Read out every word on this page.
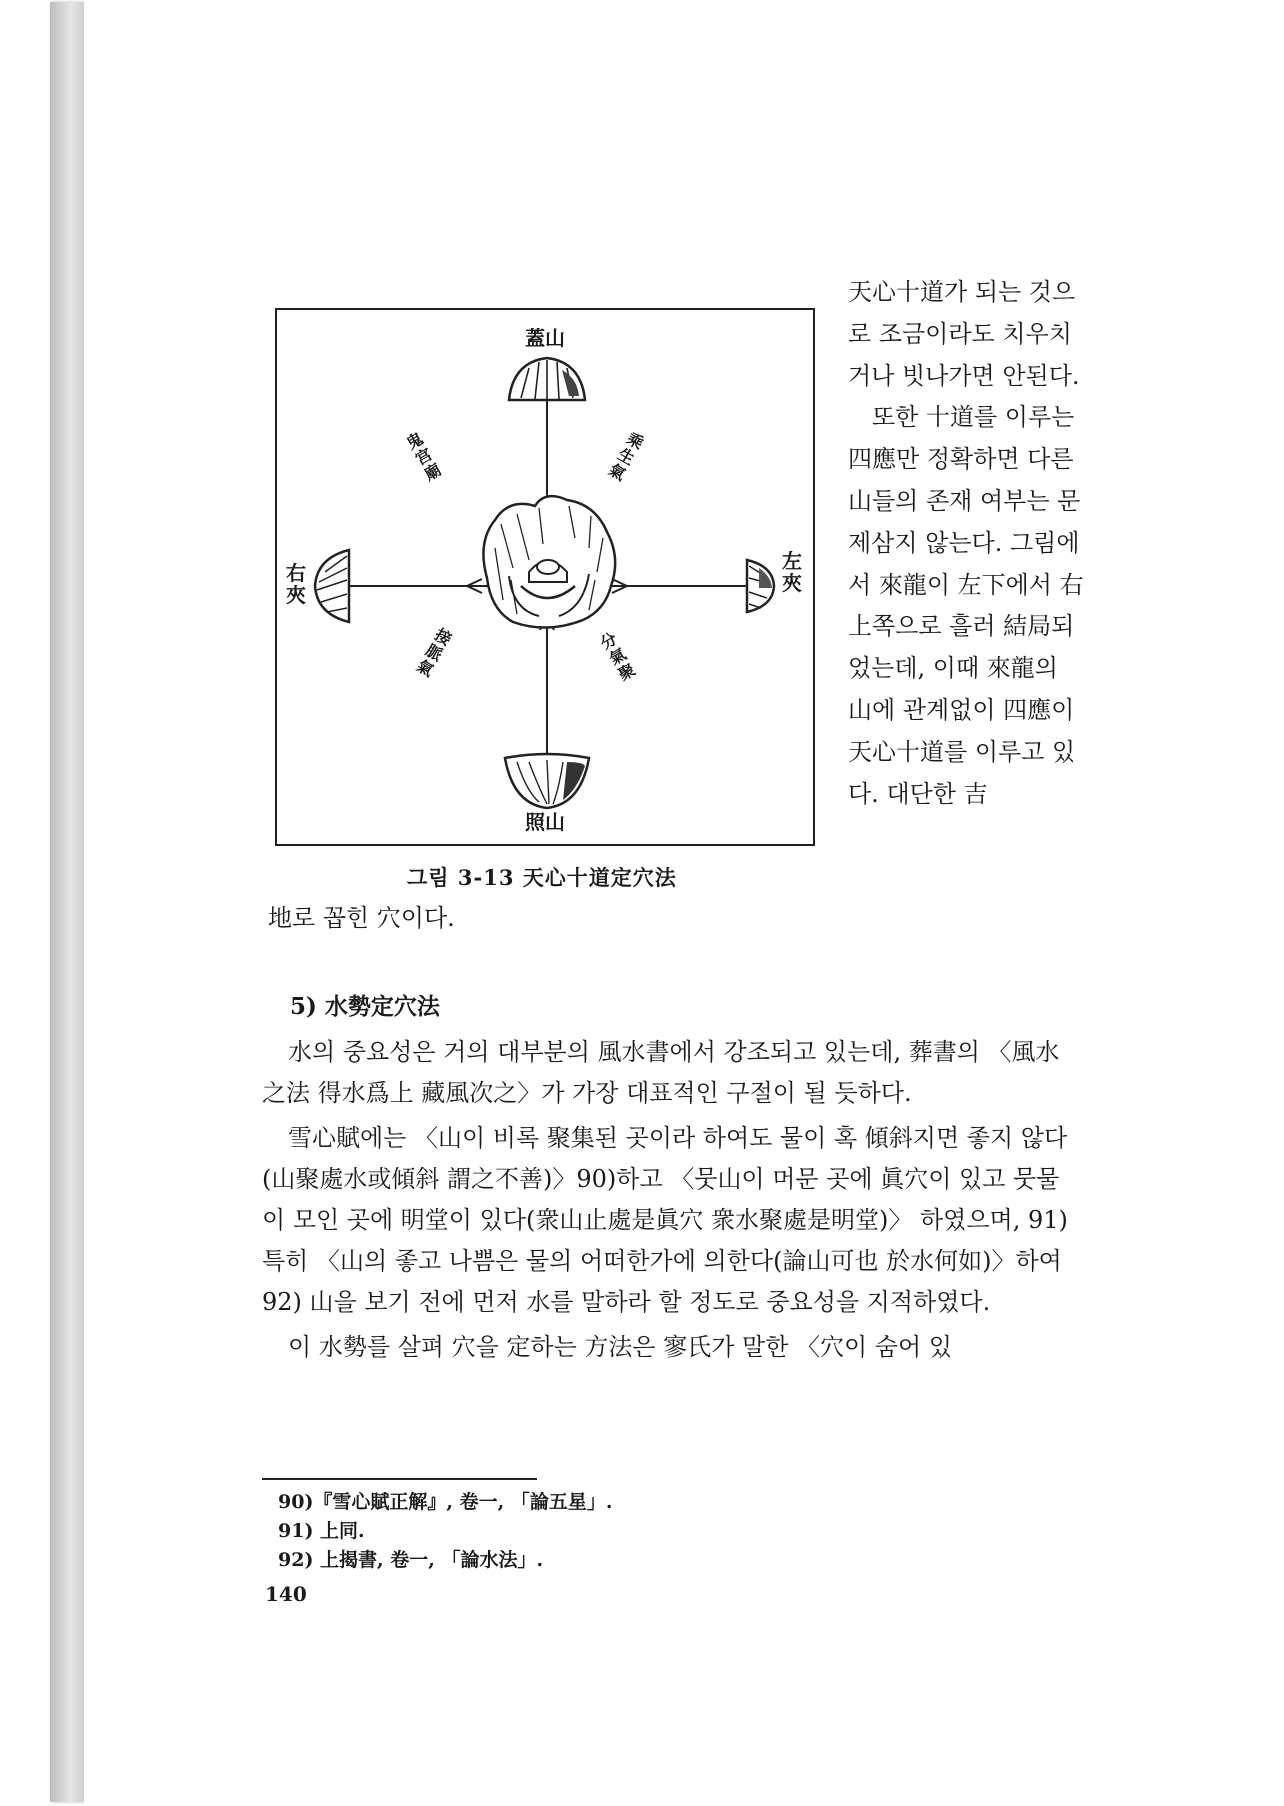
蓋山
照山
右夾
左夾
鬼宫廟
乘生氣
接脈氣
分氣聚
그림 3-13 天心十道定穴法

天心十道가 되는 것으로 조금이라도 치우치거나 빗나가면 안된다.

또한 十道를 이루는 四應만 정확하면 다른 山들의 존재 여부는 문제삼지 않는다. 그림에서 來龍이 左下에서 右上쪽으로 흘러 結局되었는데, 이때 來龍의 山에 관계없이 四應이 天心十道를 이루고 있다. 대단한 吉

地로 꼽힌 穴이다.
5) 水勢定穴法

水의 중요성은 거의 대부분의 風水書에서 강조되고 있는데, 葬書의 〈風水之法 得水爲上 藏風次之〉가 가장 대표적인 구절이 될 듯하다.

雪心賦에는 〈山이 비록 聚集된 곳이라 하여도 물이 혹 傾斜지면 좋지 않다(山聚處水或傾斜 謂之不善)〉90)하고 〈뭇山이 머문 곳에 眞穴이 있고 뭇물이 모인 곳에 明堂이 있다(衆山止處是眞穴 衆水聚處是明堂)〉 하였으며, 91) 특히 〈山의 좋고 나쁨은 물의 어떠한가에 의한다(論山可也 於水何如)〉하여 92) 山을 보기 전에 먼저 水를 말하라 할 정도로 중요성을 지적하였다.

이 水勢를 살펴 穴을 定하는 方法은 寥氏가 말한 〈穴이 숨어 있

90)『雪心賦正解』, 卷一, 「論五星」.
91) 上同.
92) 上揭書, 卷一, 「論水法」.
140
